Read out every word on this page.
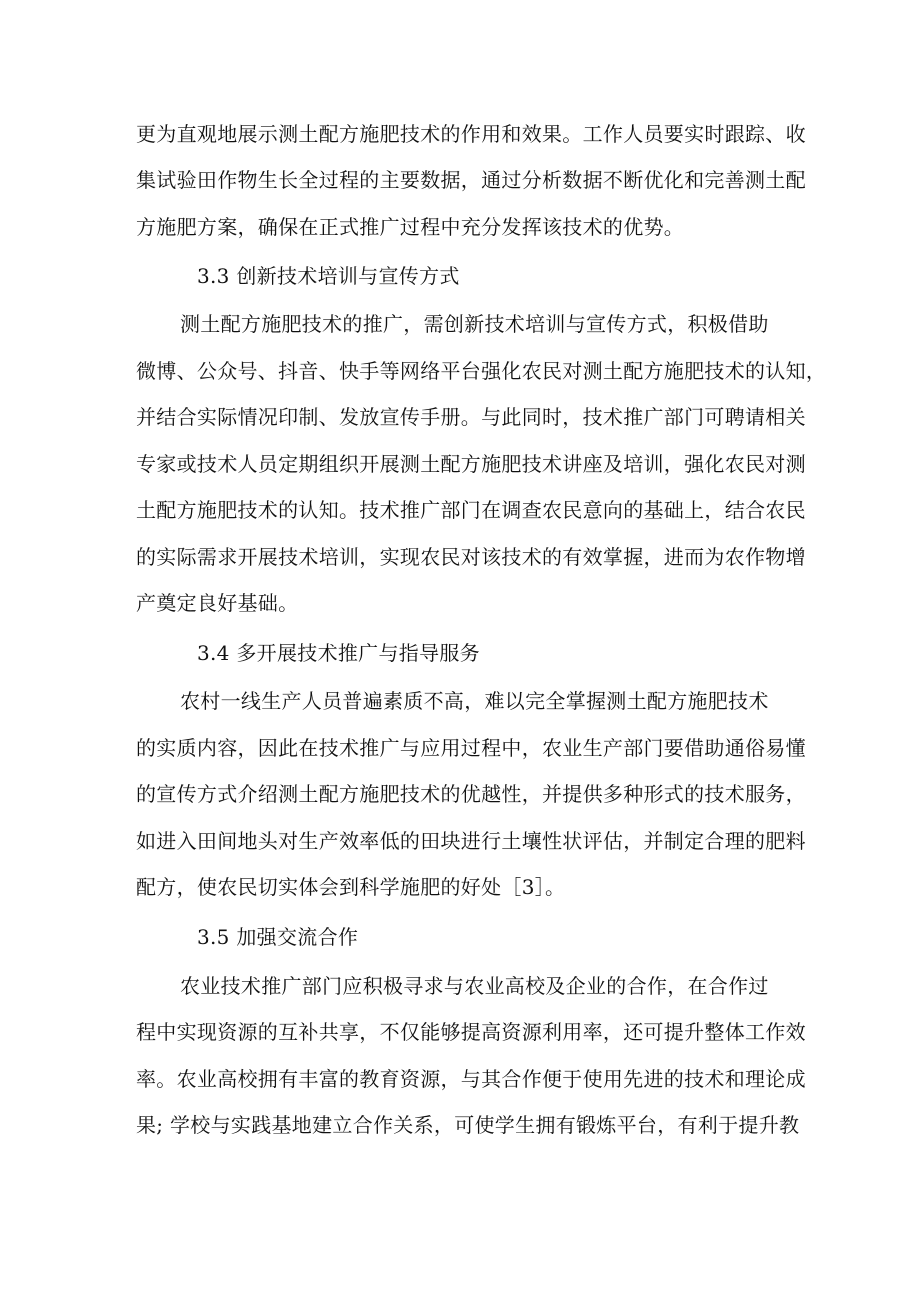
更为直观地展示测土配方施肥技术的作用和效果。工作人员要实时跟踪、收
集试验田作物生长全过程的主要数据，通过分析数据不断优化和完善测土配
方施肥方案，确保在正式推广过程中充分发挥该技术的优势。
3.3 创新技术培训与宣传方式
测土配方施肥技术的推广，需创新技术培训与宣传方式，积极借助
微博、公众号、抖音、快手等网络平台强化农民对测土配方施肥技术的认知，
并结合实际情况印制、发放宣传手册。与此同时，技术推广部门可聘请相关
专家或技术人员定期组织开展测土配方施肥技术讲座及培训，强化农民对测
土配方施肥技术的认知。技术推广部门在调查农民意向的基础上，结合农民
的实际需求开展技术培训，实现农民对该技术的有效掌握，进而为农作物增
产奠定良好基础。
3.4 多开展技术推广与指导服务
农村一线生产人员普遍素质不高，难以完全掌握测土配方施肥技术
的实质内容，因此在技术推广与应用过程中，农业生产部门要借助通俗易懂
的宣传方式介绍测土配方施肥技术的优越性，并提供多种形式的技术服务，
如进入田间地头对生产效率低的田块进行土壤性状评估，并制定合理的肥料
配方，使农民切实体会到科学施肥的好处［3］。
3.5 加强交流合作
农业技术推广部门应积极寻求与农业高校及企业的合作，在合作过
程中实现资源的互补共享，不仅能够提高资源利用率，还可提升整体工作效
率。农业高校拥有丰富的教育资源，与其合作便于使用先进的技术和理论成
果; 学校与实践基地建立合作关系，可使学生拥有锻炼平台，有利于提升教
